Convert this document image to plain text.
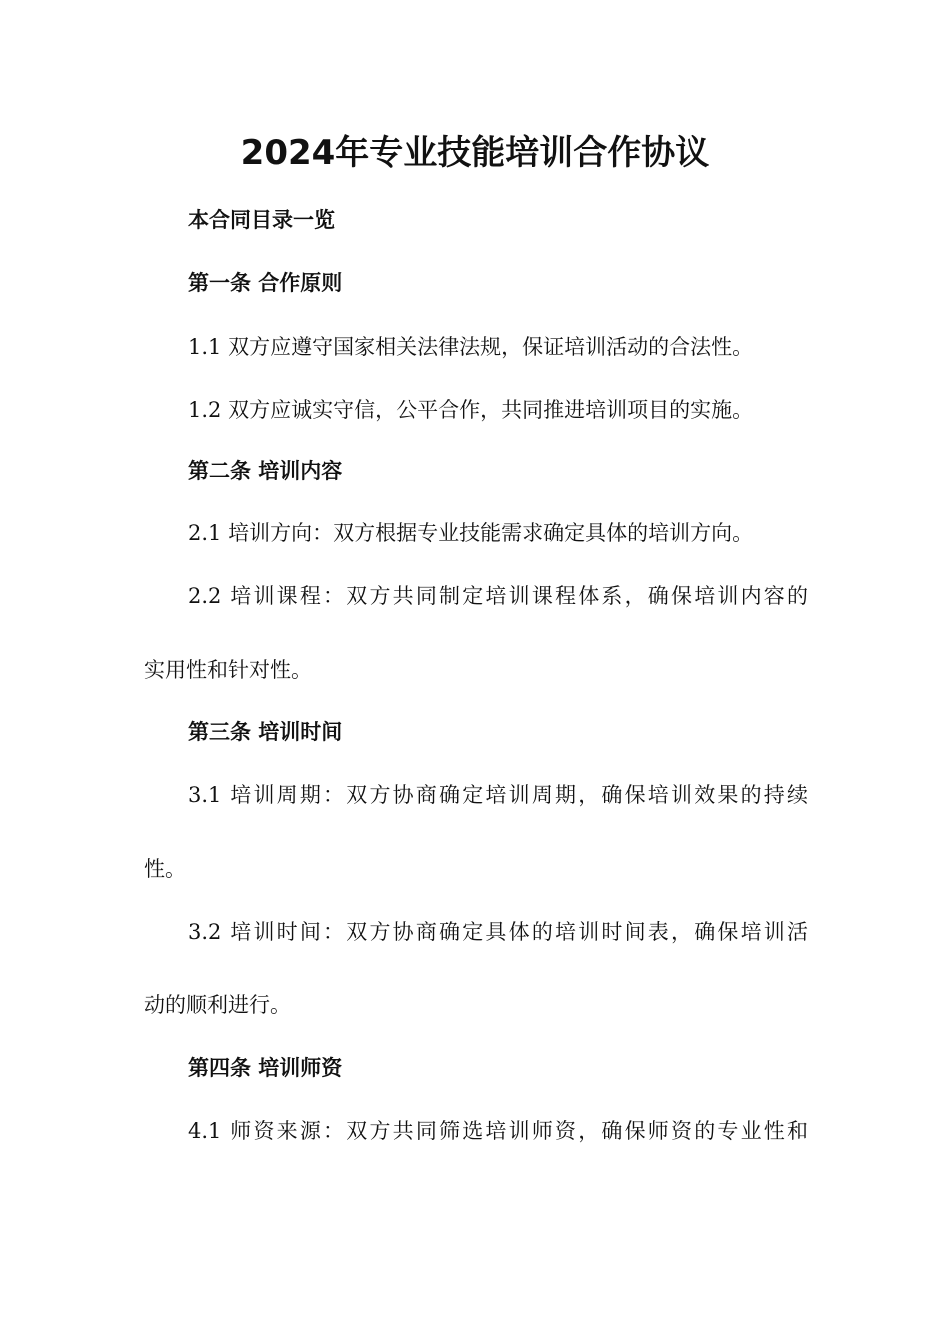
2024年专业技能培训合作协议
本合同目录一览
第一条 合作原则
1.1 双方应遵守国家相关法律法规，保证培训活动的合法性。
1.2 双方应诚实守信，公平合作，共同推进培训项目的实施。
第二条 培训内容
2.1 培训方向：双方根据专业技能需求确定具体的培训方向。
2.2 培训课程：双方共同制定培训课程体系，确保培训内容的
实用性和针对性。
第三条 培训时间
3.1 培训周期：双方协商确定培训周期，确保培训效果的持续
性。
3.2 培训时间：双方协商确定具体的培训时间表，确保培训活
动的顺利进行。
第四条 培训师资
4.1 师资来源：双方共同筛选培训师资，确保师资的专业性和
